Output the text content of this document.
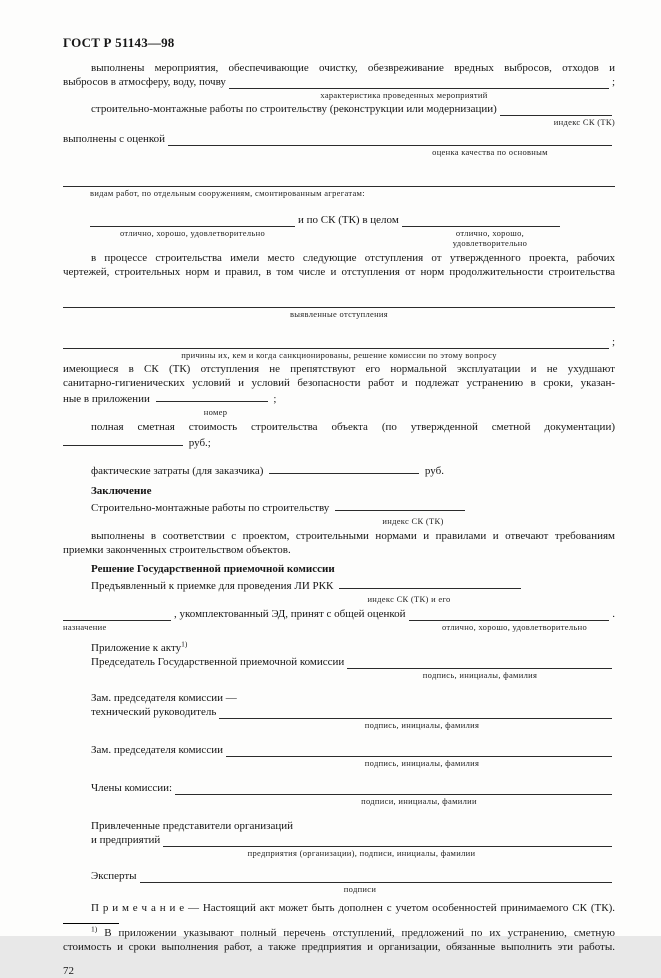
ГОСТ Р 51143—98
выполнены мероприятия, обеспечивающие очистку, обезвреживание вредных выбросов, отходов и
выбросов в атмосферу, воду, почву	;
характеристика проведенных мероприятий
строительно-монтажные работы по строительству (реконструкции или модернизации)
индекс СК (ТК)
выполнены с оценкой
оценка качества по основным
видам работ, по отдельным сооружениям, смонтированным агрегатам:
и по СК (ТК) в целом
отлично, хорошо, удовлетворительно	отлично, хорошо, удовлетворительно
в процессе строительства имели место следующие отступления от утвержденного проекта, рабочих
чертежей, строительных норм и правил, в том числе и отступления от норм продолжительности строительства
выявленные отступления
;
причины их, кем и когда санкционированы, решение комиссии по этому вопросу
имеющиеся в СК (ТК) отступления не препятствуют его нормальной эксплуатации и не ухудшают
санитарно-гигиенических условий и условий безопасности работ и подлежат устранению в сроки, указан-
ные в приложении	;
номер
полная сметная стоимость строительства объекта (по утвержденной сметной документации)
руб.;
фактические затраты (для заказчика)	руб.
Заключение
Строительно-монтажные работы по строительству
индекс СК (ТК)
выполнены в соответствии с проектом, строительными нормами и правилами и отвечают требованиям
приемки законченных строительством объектов.
Решение Государственной приемочной комиссии
Предъявленный к приемке для проведения ЛИ РКК
индекс СК (ТК) и его
, укомплектованный ЭД, принят с общей оценкой	.
назначение	отлично, хорошо, удовлетворительно
Приложение к акту$^{1)}$
Председатель Государственной приемочной комиссии
подпись, инициалы, фамилия
Зам. председателя комиссии —
технический руководитель
подпись, инициалы, фамилия
Зам. председателя комиссии
подпись, инициалы, фамилия
Члены комиссии:
подписи, инициалы, фамилии
Привлеченные представители организаций
и предприятий
предприятия (организации), подписи, инициалы, фамилии
Эксперты
подписи
П р и м е ч а н и е — Настоящий акт может быть дополнен с учетом особенностей принимаемого СК (ТК).
$^{1)}$ В приложении указывают полный перечень отступлений, предложений по их устранению, сметную
стоимость и сроки выполнения работ, а также предприятия и организации, обязанные выполнить эти работы.
72
